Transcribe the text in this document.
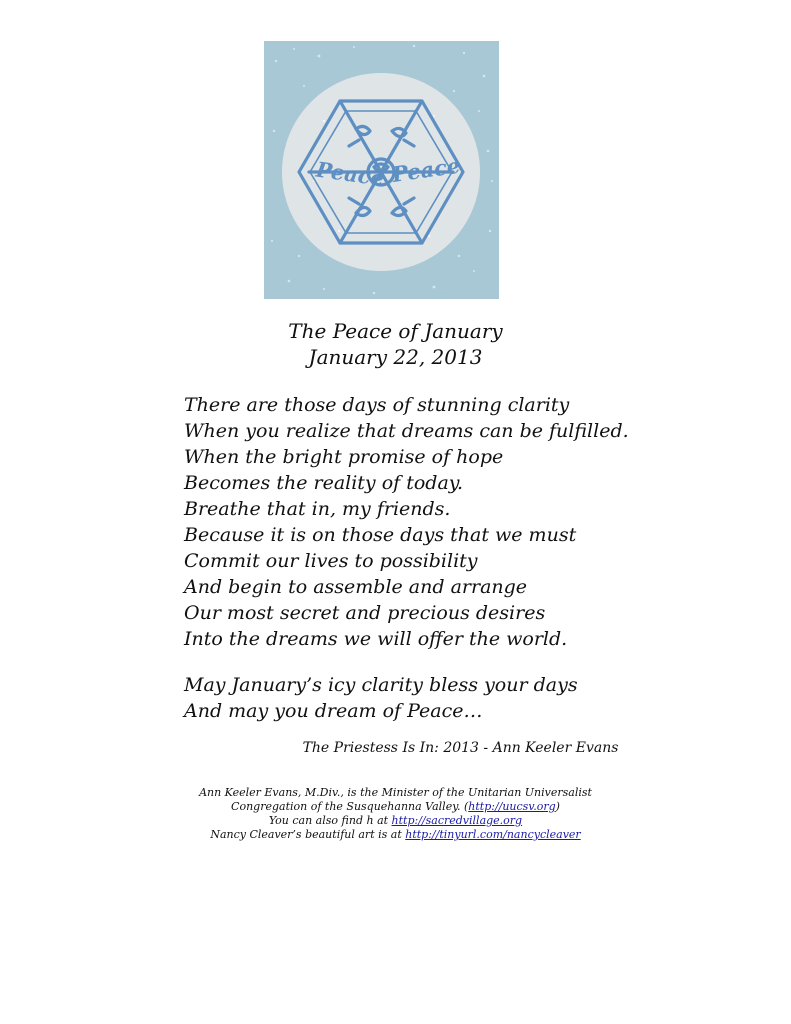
Peace Peace
The Peace of January
January 22, 2013
There are those days of stunning clarity
When you realize that dreams can be fulfilled.
When the bright promise of hope
Becomes the reality of today.
Breathe that in, my friends.
Because it is on those days that we must
Commit our lives to possibility
And begin to assemble and arrange
Our most secret and precious desires
Into the dreams we will offer the world.
May January’s icy clarity bless your days
And may you dream of Peace…
The Priestess Is In: 2013 - Ann Keeler Evans
Ann Keeler Evans, M.Div., is the Minister of the Unitarian Universalist
Congregation of the Susquehanna Valley. (http://uucsv.org)
You can also find h at http://sacredvillage.org
Nancy Cleaver’s beautiful art is at http://tinyurl.com/nancycleaver
